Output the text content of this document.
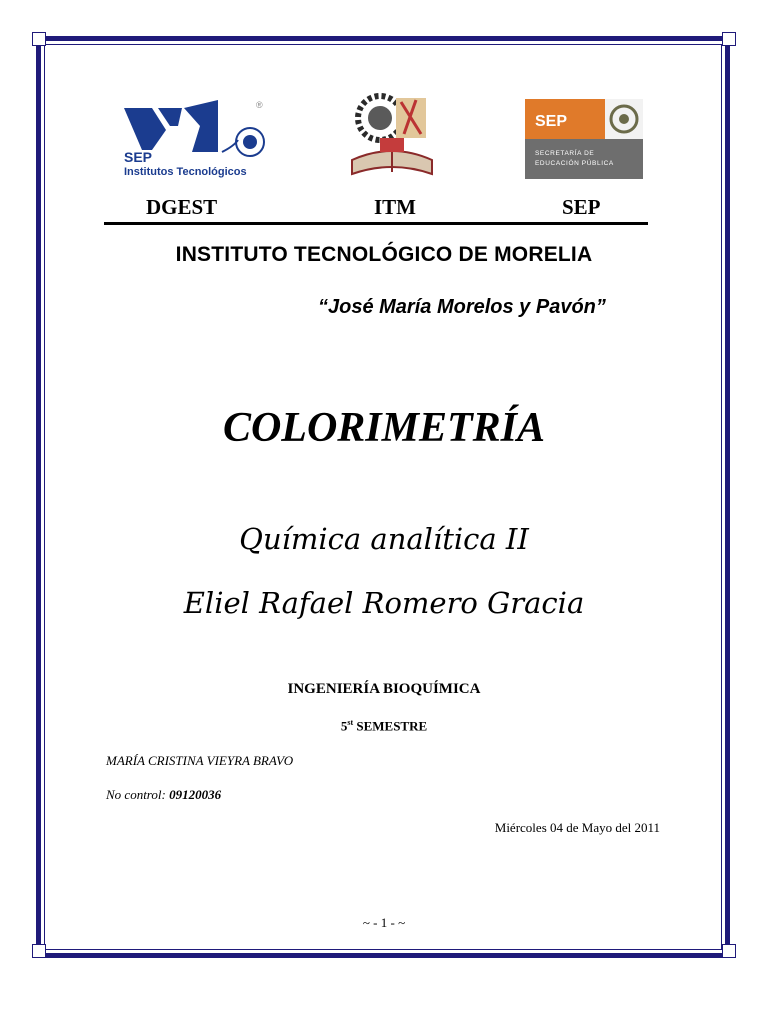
®
SEP
Institutos Tecnológicos
SEP
SECRETARÍA DE
EDUCACIÓN PÚBLICA
DGEST	ITM	SEP
INSTITUTO TECNOLÓGICO DE MORELIA
“José María Morelos y Pavón”
COLORIMETRÍA
Química analítica II
Eliel Rafael Romero Gracia
INGENIERÍA BIOQUÍMICA
5st SEMESTRE
MARÍA CRISTINA VIEYRA BRAVO
No control: 09120036
Miércoles 04 de Mayo del 2011
~ - 1 - ~
